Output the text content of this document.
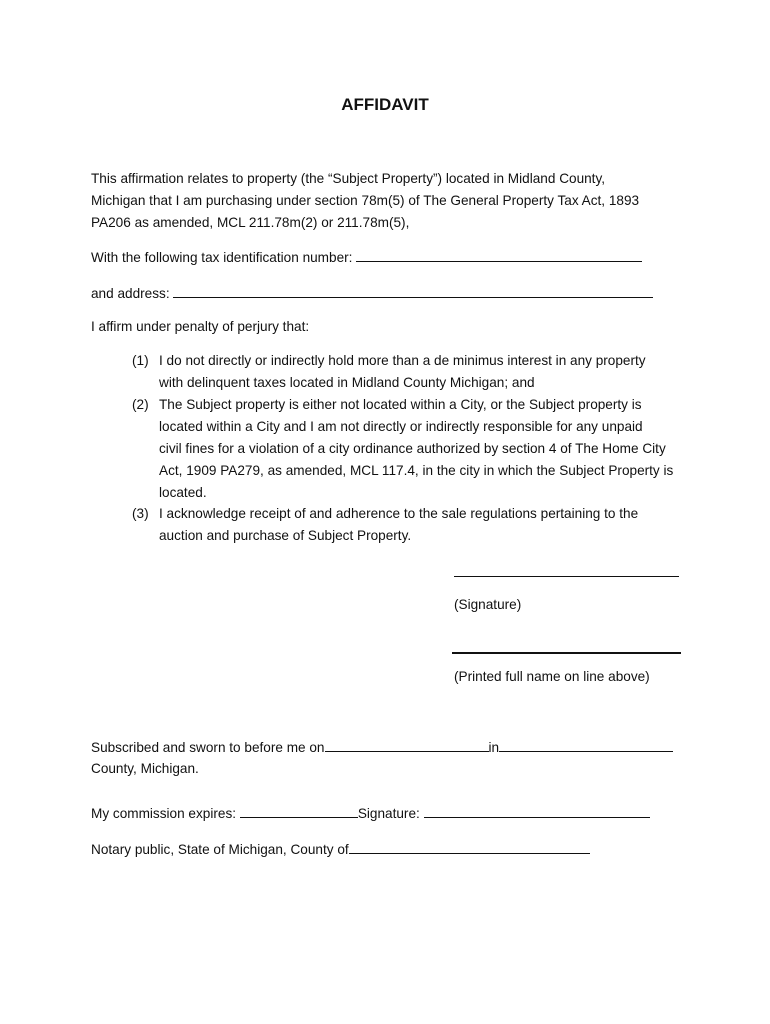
AFFIDAVIT
This affirmation relates to property (the “Subject Property”) located in Midland County,
Michigan that I am purchasing under section 78m(5) of The General Property Tax Act, 1893
PA206 as amended, MCL 211.78m(2) or 211.78m(5),
With the following tax identification number:
and address:
I affirm under penalty of perjury that:
(1) I do not directly or indirectly hold more than a de minimus interest in any property
with delinquent taxes located in Midland County Michigan; and
(2) The Subject property is either not located within a City, or the Subject property is
located within a City and I am not directly or indirectly responsible for any unpaid
civil fines for a violation of a city ordinance authorized by section 4 of The Home City
Act, 1909 PA279, as amended, MCL 117.4, in the city in which the Subject Property is
located.
(3) I acknowledge receipt of and adherence to the sale regulations pertaining to the
auction and purchase of Subject Property.
(Signature)
(Printed full name on line above)
Subscribed and sworn to before me on	in
County, Michigan.
My commission expires:	Signature:
Notary public, State of Michigan, County of
